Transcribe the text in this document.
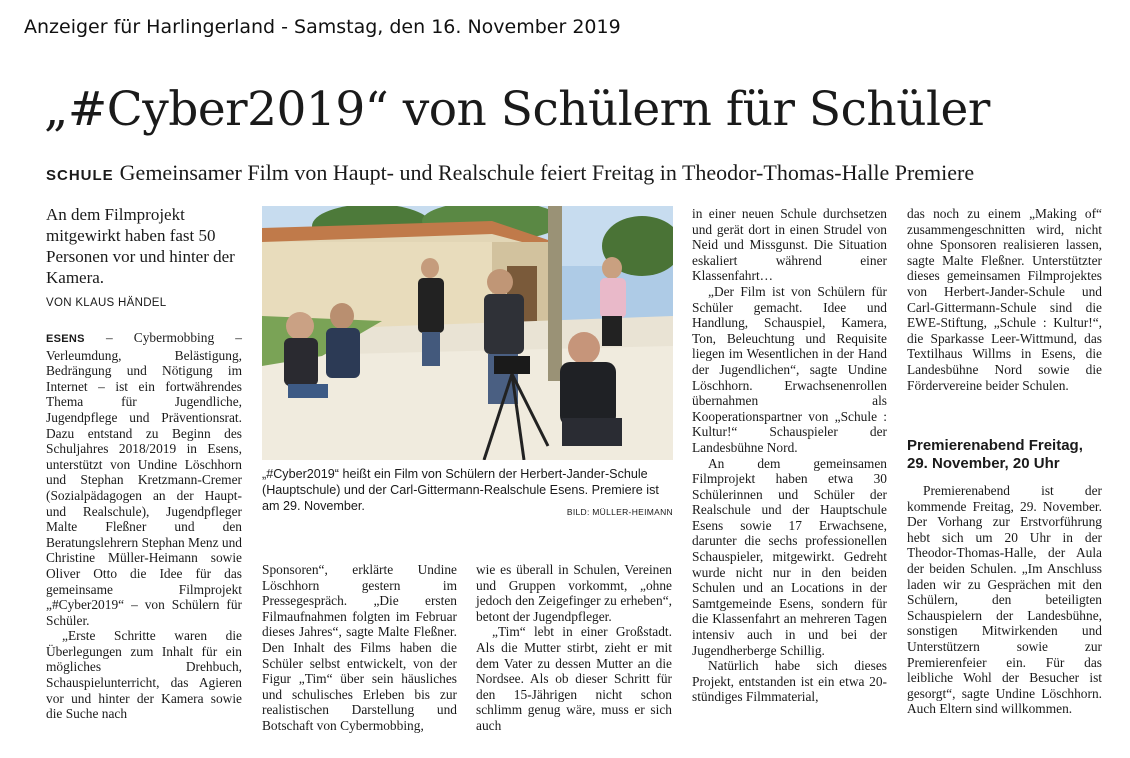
Anzeiger für Harlingerland - Samstag, den 16. November 2019
„#Cyber2019“ von Schülern für Schüler
SCHULE Gemeinsamer Film von Haupt- und Realschule feiert Freitag in Theodor-Thomas-Halle Premiere
An dem Filmprojekt mitgewirkt haben fast 50 Personen vor und hinter der Kamera.
VON KLAUS HÄNDEL

ESENS – Cybermobbing – Verleumdung, Belästigung, Bedrängung und Nötigung im Internet – ist ein fortwährendes Thema für Jugendliche, Jugendpflege und Präventionsrat. Dazu entstand zu Beginn des Schuljahres 2018/2019 in Esens, unterstützt von Undine Löschhorn und Stephan Kretzmann-Cremer (Sozialpädagogen an der Haupt- und Realschule), Jugendpfleger Malte Fleßner und den Beratungslehrern Stephan Menz und Christine Müller-Heimann sowie Oliver Otto die Idee für das gemeinsame Filmprojekt „#Cyber2019“ – von Schülern für Schüler.

„Erste Schritte waren die Überlegungen zum Inhalt für ein mögliches Drehbuch, Schauspielunterricht, das Agieren vor und hinter der Kamera sowie die Suche nach

„#Cyber2019“ heißt ein Film von Schülern der Herbert-Jander-Schule (Hauptschule) und der Carl-Gittermann-Realschule Esens. Premiere ist am 29. November.	BILD: MÜLLER-HEIMANN

Sponsoren“, erklärte Undine Löschhorn gestern im Pressegespräch. „Die ersten Filmaufnahmen folgten im Februar dieses Jahres“, sagte Malte Fleßner. Den Inhalt des Films haben die Schüler selbst entwickelt, von der Figur „Tim“ über sein häusliches und schulisches Erleben bis zur realistischen Darstellung und Botschaft von Cybermobbing,

wie es überall in Schulen, Vereinen und Gruppen vorkommt, „ohne jedoch den Zeigefinger zu erheben“, betont der Jugendpfleger.

„Tim“ lebt in einer Großstadt. Als die Mutter stirbt, zieht er mit dem Vater zu dessen Mutter an die Nordsee. Als ob dieser Schritt für den 15-Jährigen nicht schon schlimm genug wäre, muss er sich auch

in einer neuen Schule durchsetzen und gerät dort in einen Strudel von Neid und Missgunst. Die Situation eskaliert während einer Klassenfahrt…

„Der Film ist von Schülern für Schüler gemacht. Idee und Handlung, Schauspiel, Kamera, Ton, Beleuchtung und Requisite liegen im Wesentlichen in der Hand der Jugendlichen“, sagte Undine Löschhorn. Erwachsenenrollen übernahmen als Kooperationspartner von „Schule : Kultur!“ Schauspieler der Landesbühne Nord.

An dem gemeinsamen Filmprojekt haben etwa 30 Schülerinnen und Schüler der Realschule und der Hauptschule Esens sowie 17 Erwachsene, darunter die sechs professionellen Schauspieler, mitgewirkt. Gedreht wurde nicht nur in den beiden Schulen und an Locations in der Samtgemeinde Esens, sondern für die Klassenfahrt an mehreren Tagen intensiv auch in und bei der Jugendherberge Schillig.

Natürlich habe sich dieses Projekt, entstanden ist ein etwa 20-stündiges Filmmaterial,

das noch zu einem „Making of“ zusammengeschnitten wird, nicht ohne Sponsoren realisieren lassen, sagte Malte Fleßner. Unterstützter dieses gemeinsamen Filmprojektes von Herbert-Jander-Schule und Carl-Gittermann-Schule sind die EWE-Stiftung, „Schule : Kultur!“, die Sparkasse Leer-Wittmund, das Textilhaus Willms in Esens, die Landesbühne Nord sowie die Fördervereine beider Schulen.

Premierenabend Freitag, 29. November, 20 Uhr

Premierenabend ist der kommende Freitag, 29. November. Der Vorhang zur Erstvorführung hebt sich um 20 Uhr in der Theodor-Thomas-Halle, der Aula der beiden Schulen. „Im Anschluss laden wir zu Gesprächen mit den Schülern, den beteiligten Schauspielern der Landesbühne, sonstigen Mitwirkenden und Unterstützern sowie zur Premierenfeier ein. Für das leibliche Wohl der Besucher ist gesorgt“, sagte Undine Löschhorn. Auch Eltern sind willkommen.
